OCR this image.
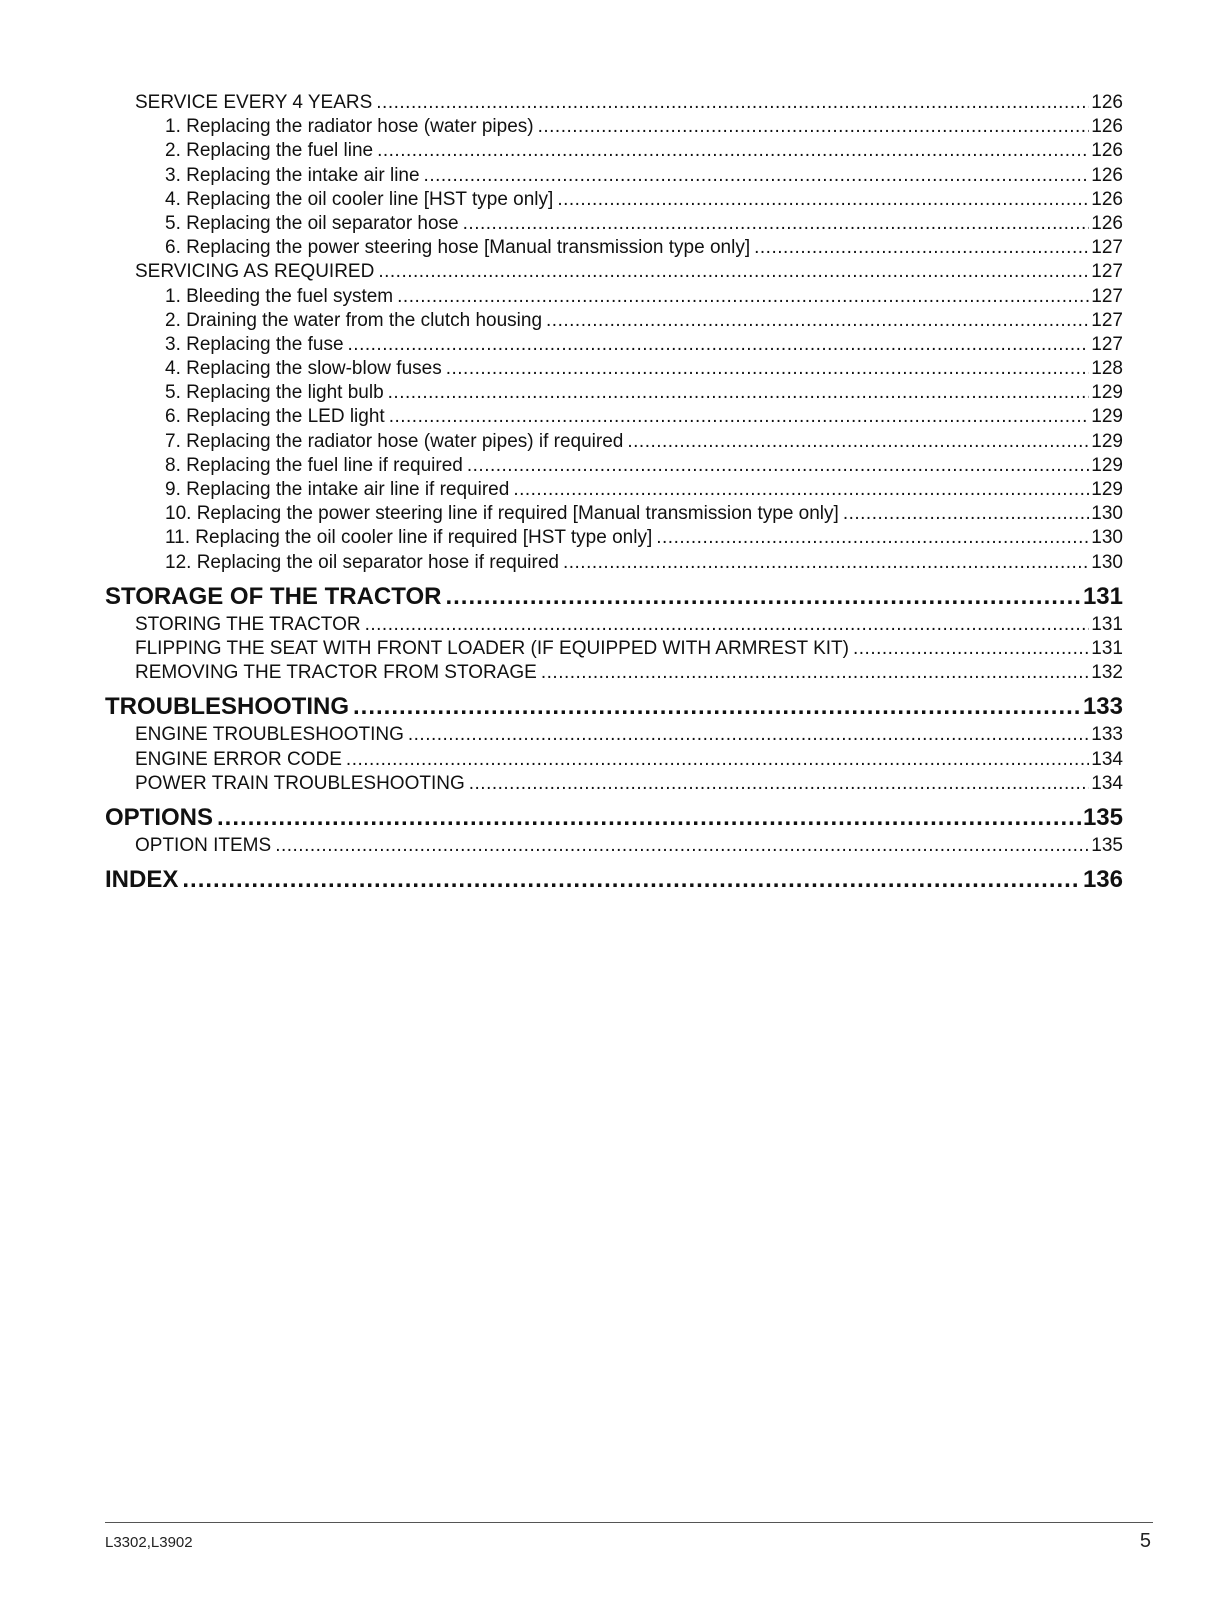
SERVICE EVERY 4 YEARS .....	126
1. Replacing the radiator hose (water pipes) .....	126
2. Replacing the fuel line .....	126
3. Replacing the intake air line .....	126
4. Replacing the oil cooler line [HST type only] .....	126
5. Replacing the oil separator hose .....	126
6. Replacing the power steering hose [Manual transmission type only] .....	127
SERVICING AS REQUIRED .....	127
1. Bleeding the fuel system .....	127
2. Draining the water from the clutch housing .....	127
3. Replacing the fuse .....	127
4. Replacing the slow-blow fuses .....	128
5. Replacing the light bulb .....	129
6. Replacing the LED light .....	129
7. Replacing the radiator hose (water pipes) if required .....	129
8. Replacing the fuel line if required .....	129
9. Replacing the intake air line if required .....	129
10. Replacing the power steering line if required [Manual transmission type only] .....	130
11. Replacing the oil cooler line if required [HST type only] .....	130
12. Replacing the oil separator hose if required .....	130
STORAGE OF THE TRACTOR .....	131
STORING THE TRACTOR .....	131
FLIPPING THE SEAT WITH FRONT LOADER (IF EQUIPPED WITH ARMREST KIT) .....	131
REMOVING THE TRACTOR FROM STORAGE .....	132
TROUBLESHOOTING .....	133
ENGINE TROUBLESHOOTING .....	133
ENGINE ERROR CODE .....	134
POWER TRAIN TROUBLESHOOTING .....	134
OPTIONS .....	135
OPTION ITEMS .....	135
INDEX .....	136
L3302,L3902	5
